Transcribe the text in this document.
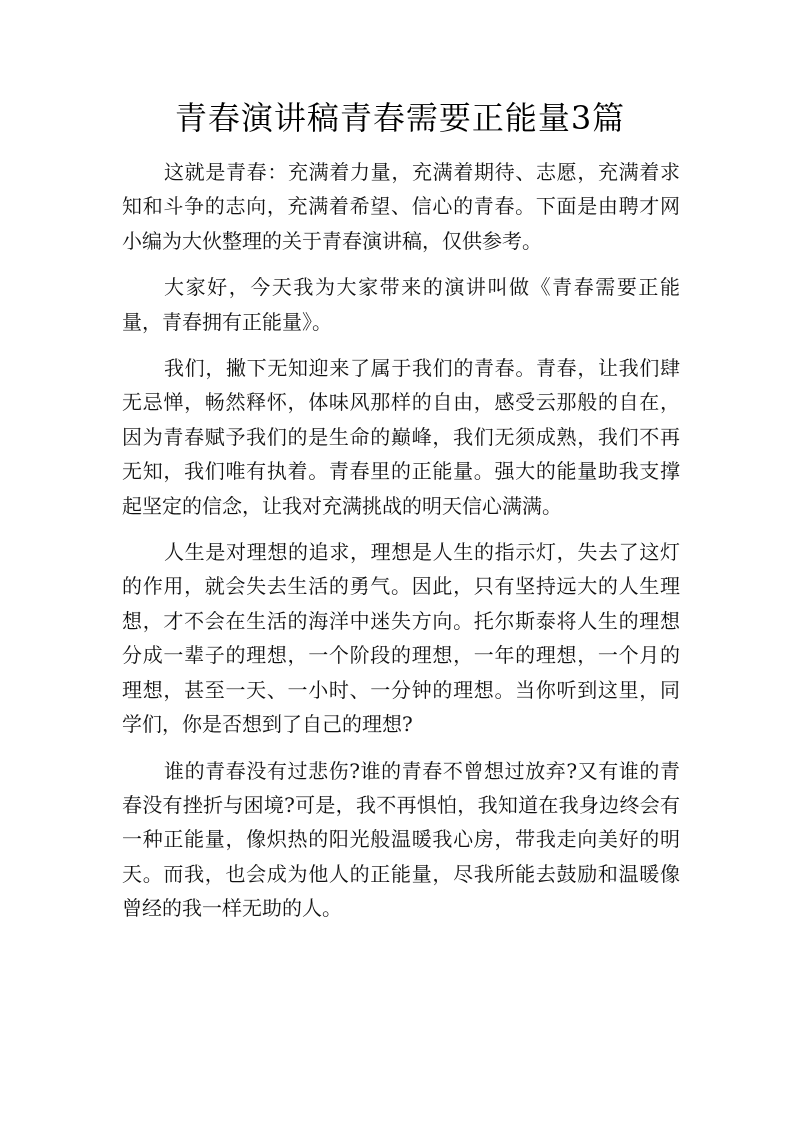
青春演讲稿青春需要正能量3篇

这就是青春：充满着力量，充满着期待、志愿，充满着求知和斗争的志向，充满着希望、信心的青春。下面是由聘才网小编为大伙整理的关于青春演讲稿，仅供参考。

大家好，今天我为大家带来的演讲叫做《青春需要正能量，青春拥有正能量》。

我们，撇下无知迎来了属于我们的青春。青春，让我们肆无忌惮，畅然释怀，体味风那样的自由，感受云那般的自在，因为青春赋予我们的是生命的巅峰，我们无须成熟，我们不再无知，我们唯有执着。青春里的正能量。强大的能量助我支撑起坚定的信念，让我对充满挑战的明天信心满满。

人生是对理想的追求，理想是人生的指示灯，失去了这灯的作用，就会失去生活的勇气。因此，只有坚持远大的人生理想，才不会在生活的海洋中迷失方向。托尔斯泰将人生的理想分成一辈子的理想，一个阶段的理想，一年的理想，一个月的理想，甚至一天、一小时、一分钟的理想。当你听到这里，同学们，你是否想到了自己的理想?

谁的青春没有过悲伤?谁的青春不曾想过放弃?又有谁的青春没有挫折与困境?可是，我不再惧怕，我知道在我身边终会有一种正能量，像炽热的阳光般温暖我心房，带我走向美好的明天。而我，也会成为他人的正能量，尽我所能去鼓励和温暖像曾经的我一样无助的人。
